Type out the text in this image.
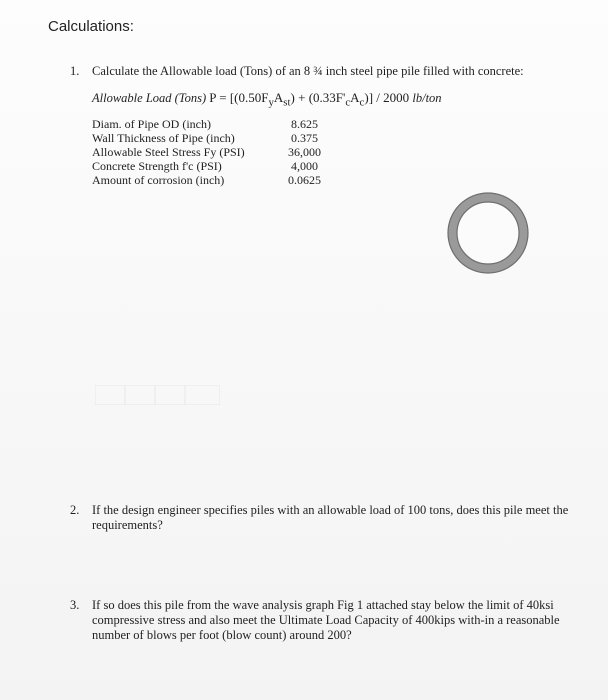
Calculations:
1. Calculate the Allowable load (Tons) of an 8 ¾ inch steel pipe pile filled with concrete:
Allowable Load (Tons) $P = [(0.50F_yA_{st}) + (0.33F'_cA_c)] / 2000$ lb/ton
Diam. of Pipe OD (inch)	8.625
Wall Thickness of Pipe (inch)	0.375
Allowable Steel Stress Fy (PSI)	36,000
Concrete Strength f'c (PSI)	4,000
Amount of corrosion (inch)	0.0625
2. If the design engineer specifies piles with an allowable load of 100 tons, does this pile meet the requirements?
3. If so does this pile from the wave analysis graph Fig 1 attached stay below the limit of 40ksi compressive stress and also meet the Ultimate Load Capacity of 400kips with-in a reasonable number of blows per foot (blow count) around 200?
